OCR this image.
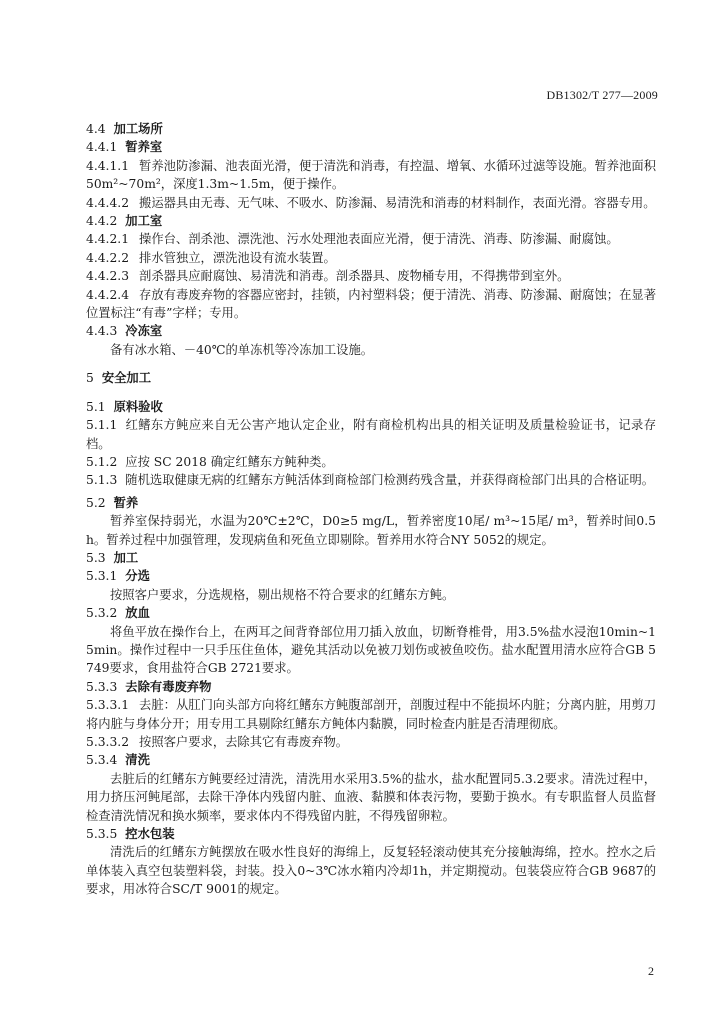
DB1302/T 277—2009

4.4 加工场所

4.4.1 暂养室

4.4.1.1 暂养池防渗漏、池表面光滑，便于清洗和消毒，有控温、增氧、水循环过滤等设施。暂养池面积50m²~70m²，深度1.3m~1.5m，便于操作。

4.4.4.2 搬运器具由无毒、无气味、不吸水、防渗漏、易清洗和消毒的材料制作，表面光滑。容器专用。

4.4.2 加工室

4.4.2.1 操作台、剖杀池、漂洗池、污水处理池表面应光滑，便于清洗、消毒、防渗漏、耐腐蚀。

4.4.2.2 排水管独立，漂洗池设有流水装置。

4.4.2.3 剖杀器具应耐腐蚀、易清洗和消毒。剖杀器具、废物桶专用，不得携带到室外。

4.4.2.4 存放有毒废弃物的容器应密封，挂锁，内衬塑料袋；便于清洗、消毒、防渗漏、耐腐蚀；在显著位置标注“有毒”字样；专用。

4.4.3 冷冻室

备有冰水箱、－40℃的单冻机等冷冻加工设施。

5 安全加工

5.1 原料验收

5.1.1 红鳍东方鲀应来自无公害产地认定企业，附有商检机构出具的相关证明及质量检验证书，记录存档。

5.1.2 应按 SC 2018 确定红鳍东方鲀种类。

5.1.3 随机选取健康无病的红鳍东方鲀活体到商检部门检测药残含量，并获得商检部门出具的合格证明。

5.2 暂养

暂养室保持弱光，水温为20℃±2℃，D0≥5 mg/L，暂养密度10尾/ m³~15尾/ m³，暂养时间0.5h。暂养过程中加强管理，发现病鱼和死鱼立即剔除。暂养用水符合NY 5052的规定。

5.3 加工

5.3.1 分选

按照客户要求，分选规格，剔出规格不符合要求的红鳍东方鲀。

5.3.2 放血

将鱼平放在操作台上，在两耳之间背脊部位用刀插入放血，切断脊椎骨，用3.5%盐水浸泡10min~15min。操作过程中一只手压住鱼体，避免其活动以免被刀划伤或被鱼咬伤。盐水配置用清水应符合GB 5749要求，食用盐符合GB 2721要求。

5.3.3 去除有毒废弃物

5.3.3.1 去脏：从肛门向头部方向将红鳍东方鲀腹部剖开，剖腹过程中不能损坏内脏；分离内脏，用剪刀将内脏与身体分开；用专用工具剔除红鳍东方鲀体内黏膜，同时检查内脏是否清理彻底。

5.3.3.2 按照客户要求，去除其它有毒废弃物。

5.3.4 清洗

去脏后的红鳍东方鲀要经过清洗，清洗用水采用3.5%的盐水，盐水配置同5.3.2要求。清洗过程中，用力挤压河鲀尾部，去除干净体内残留内脏、血液、黏膜和体表污物，要勤于换水。有专职监督人员监督检查清洗情况和换水频率，要求体内不得残留内脏，不得残留卵粒。

5.3.5 控水包装

清洗后的红鳍东方鲀摆放在吸水性良好的海绵上，反复轻轻滚动使其充分接触海绵，控水。控水之后单体装入真空包装塑料袋，封装。投入0~3℃冰水箱内冷却1h，并定期搅动。包装袋应符合GB 9687的要求，用冰符合SC/T 9001的规定。

2
